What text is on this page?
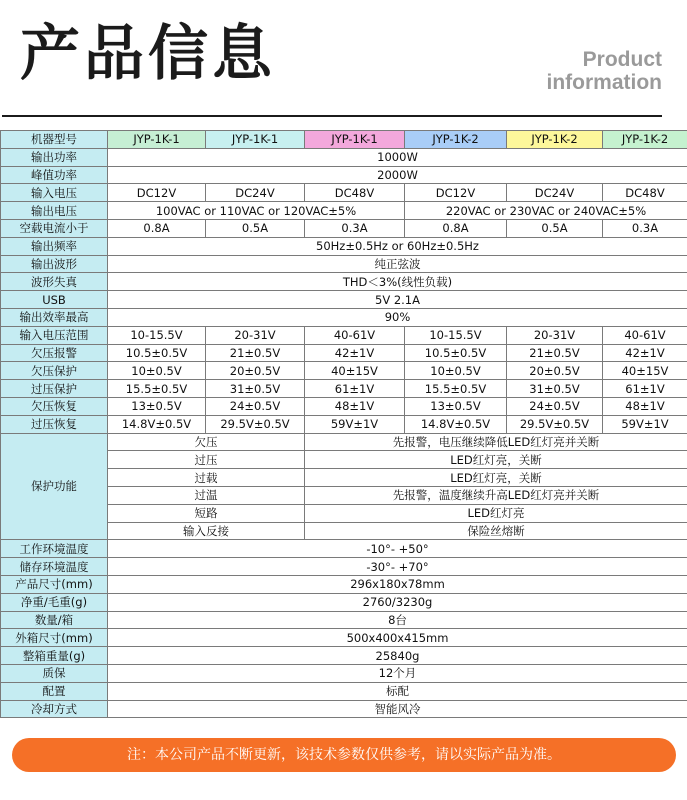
产品信息	Product
information
机器型号	JYP-1K-1	JYP-1K-1	JYP-1K-1	JYP-1K-2	JYP-1K-2	JYP-1K-2
输出功率	1000W					
峰值功率	2000W					
输入电压	DC12V	DC24V	DC48V	DC12V	DC24V	DC48V
输出电压	100VAC or 110VAC or 120VAC±5%			220VAC or 230VAC or 240VAC±5%		
空载电流小于	0.8A	0.5A	0.3A	0.8A	0.5A	0.3A
输出频率	50Hz±0.5Hz or 60Hz±0.5Hz					
输出波形	纯正弦波					
波形失真	THD＜3%(线性负载)					
USB	5V 2.1A					
输出效率最高	90%					
输入电压范围	10-15.5V	20-31V	40-61V	10-15.5V	20-31V	40-61V
欠压报警	10.5±0.5V	21±0.5V	42±1V	10.5±0.5V	21±0.5V	42±1V
欠压保护	10±0.5V	20±0.5V	40±15V	10±0.5V	20±0.5V	40±15V
过压保护	15.5±0.5V	31±0.5V	61±1V	15.5±0.5V	31±0.5V	61±1V
欠压恢复	13±0.5V	24±0.5V	48±1V	13±0.5V	24±0.5V	48±1V
过压恢复	14.8V±0.5V	29.5V±0.5V	59V±1V	14.8V±0.5V	29.5V±0.5V	59V±1V
保护功能	欠压		先报警，电压继续降低LED红灯亮并关断			
	过压		LED红灯亮，关断			
	过载		LED红灯亮，关断			
	过温		先报警，温度继续升高LED红灯亮并关断			
	短路		LED红灯亮			
	输入反接		保险丝熔断			
工作环境温度	-10°- +50°					
储存环境温度	-30°- +70°					
产品尺寸(mm)	296x180x78mm					
净重/毛重(g)	2760/3230g					
数量/箱	8台					
外箱尺寸(mm)	500x400x415mm					
整箱重量(g)	25840g					
质保	12个月					
配置	标配					
冷却方式	智能风冷					
注：本公司产品不断更新，该技术参数仅供参考，请以实际产品为准。
